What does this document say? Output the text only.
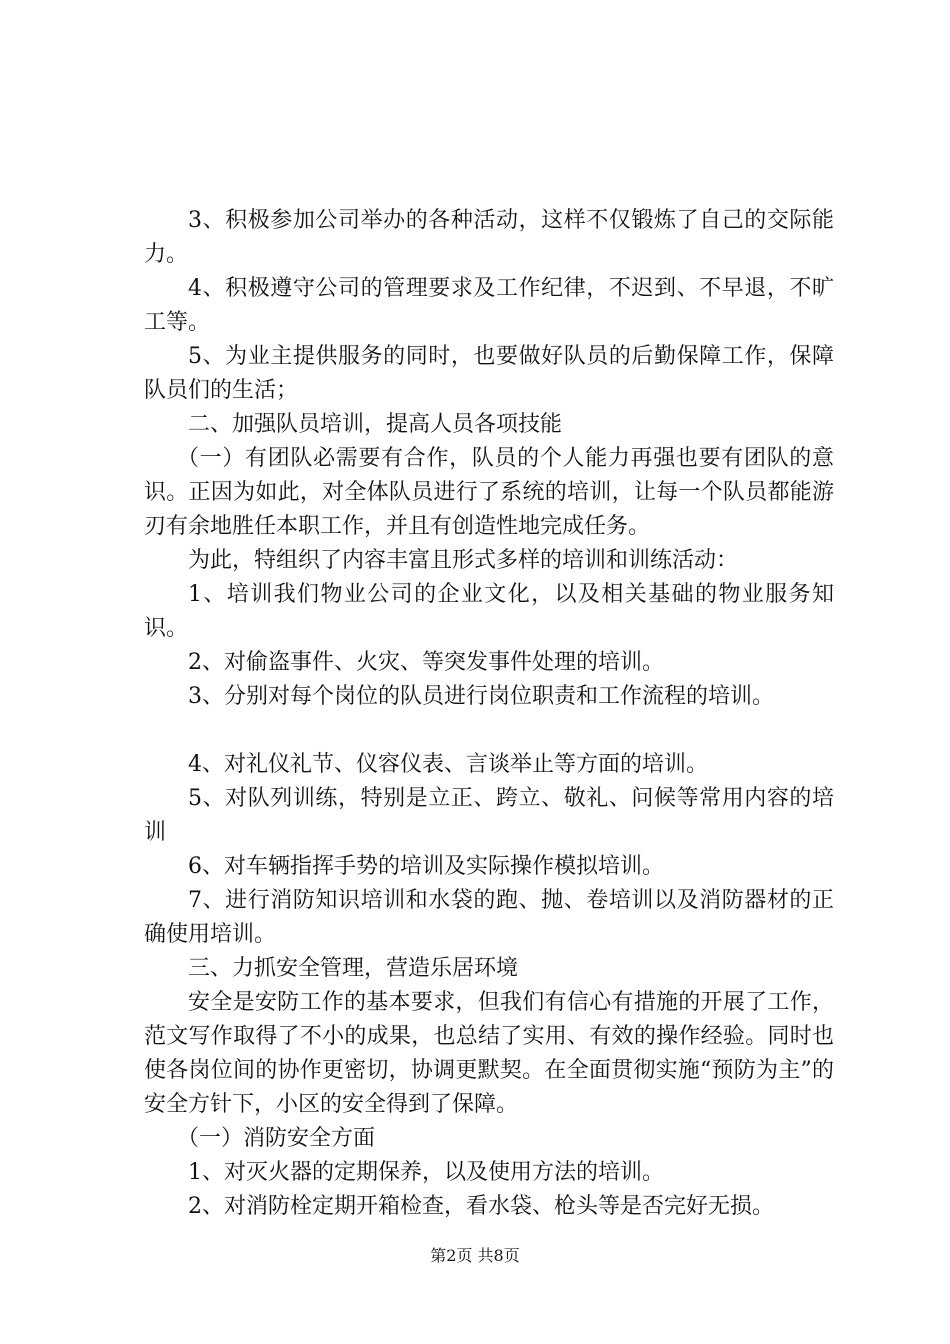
3、积极参加公司举办的各种活动，这样不仅锻炼了自己的交际能力。

4、积极遵守公司的管理要求及工作纪律，不迟到、不早退，不旷工等。

5、为业主提供服务的同时，也要做好队员的后勤保障工作，保障队员们的生活；

二、加强队员培训，提高人员各项技能

（一）有团队必需要有合作，队员的个人能力再强也要有团队的意识。正因为如此，对全体队员进行了系统的培训，让每一个队员都能游刃有余地胜任本职工作，并且有创造性地完成任务。

为此，特组织了内容丰富且形式多样的培训和训练活动：

1、培训我们物业公司的企业文化，以及相关基础的物业服务知识。

2、对偷盗事件、火灾、等突发事件处理的培训。

3、分别对每个岗位的队员进行岗位职责和工作流程的培训。

4、对礼仪礼节、仪容仪表、言谈举止等方面的培训。

5、对队列训练，特别是立正、跨立、敬礼、问候等常用内容的培训

6、对车辆指挥手势的培训及实际操作模拟培训。

7、进行消防知识培训和水袋的跑、抛、卷培训以及消防器材的正确使用培训。

三、力抓安全管理，营造乐居环境

安全是安防工作的基本要求，但我们有信心有措施的开展了工作，范文写作取得了不小的成果，也总结了实用、有效的操作经验。同时也使各岗位间的协作更密切，协调更默契。在全面贯彻实施“预防为主”的安全方针下，小区的安全得到了保障。

（一）消防安全方面

1、对灭火器的定期保养，以及使用方法的培训。

2、对消防栓定期开箱检查，看水袋、枪头等是否完好无损。

第2页 共8页
